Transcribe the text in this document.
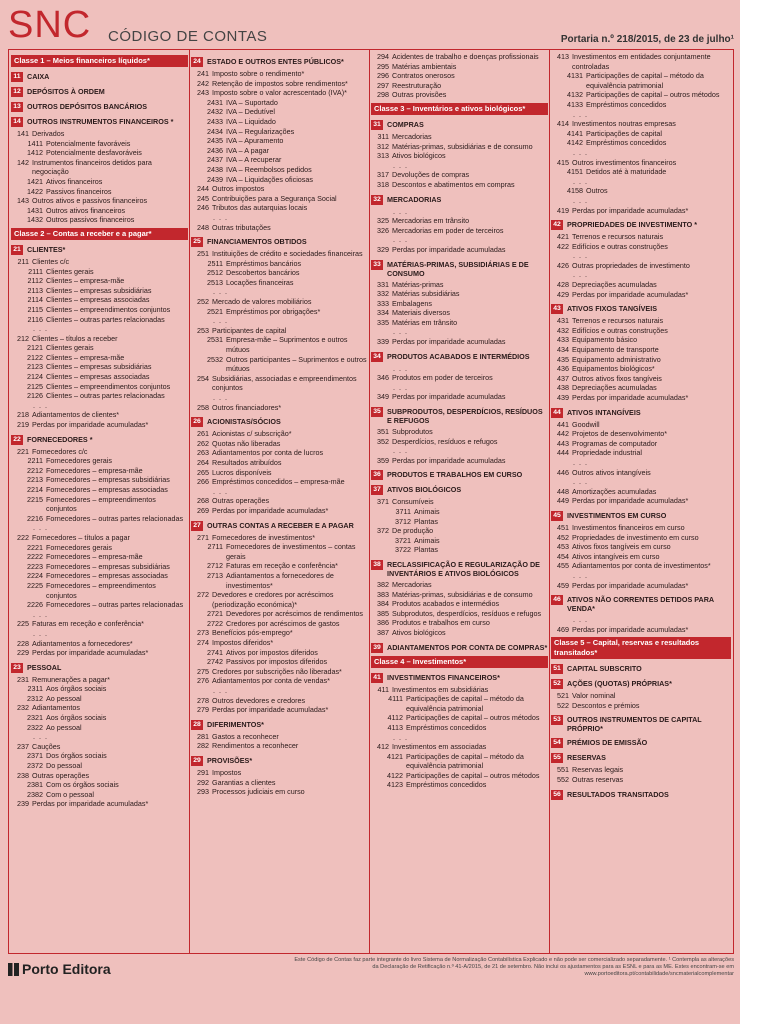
SNC CÓDIGO DE CONTAS	Portaria n.º 218/2015, de 23 de julho¹
Classe 1 – Meios financeiros líquidos*
11 CAIXA
12 DEPÓSITOS À ORDEM
13 OUTROS DEPÓSITOS BANCÁRIOS
14 OUTROS INSTRUMENTOS FINANCEIROS *
141 Derivados
1411 Potencialmente favoráveis
1412 Potencialmente desfavoráveis
142 Instrumentos financeiros detidos para negociação
1421 Ativos financeiros
1422 Passivos financeiros
143 Outros ativos e passivos financeiros
1431 Outros ativos financeiros
1432 Outros passivos financeiros
Classe 2 – Contas a receber e a pagar*
21 CLIENTES*
211 Clientes c/c
2111 Clientes gerais
2112 Clientes – empresa-mãe
2113 Clientes – empresas subsidiárias
2114 Clientes – empresas associadas
2115 Clientes – empreendimentos conjuntos
2116 Clientes – outras partes relacionadas
. . .
212 Clientes – títulos a receber
2121 Clientes gerais
2122 Clientes – empresa-mãe
2123 Clientes – empresas subsidiárias
2124 Clientes – empresas associadas
2125 Clientes – empreendimentos conjuntos
2126 Clientes – outras partes relacionadas
. . .
218 Adiantamentos de clientes*
219 Perdas por imparidade acumuladas*
22 FORNECEDORES *
221 Fornecedores c/c
2211 Fornecedores gerais
2212 Fornecedores – empresa-mãe
2213 Fornecedores – empresas subsidiárias
2214 Fornecedores – empresas associadas
2215 Fornecedores – empreendimentos conjuntos
2216 Fornecedores – outras partes relacionadas
. . .
222 Fornecedores – títulos a pagar
2221 Fornecedores gerais
2222 Fornecedores – empresa-mãe
2223 Fornecedores – empresas subsidiárias
2224 Fornecedores – empresas associadas
2225 Fornecedores – empreendimentos conjuntos
2226 Fornecedores – outras partes relacionadas
. . .
225 Faturas em receção e conferência*
. . .
228 Adiantamentos a fornecedores*
229 Perdas por imparidade acumuladas*
23 PESSOAL
231 Remunerações a pagar*
2311 Aos órgãos sociais
2312 Ao pessoal
232 Adiantamentos
2321 Aos órgãos sociais
2322 Ao pessoal
. . .
237 Cauções
2371 Dos órgãos sociais
2372 Do pessoal
238 Outras operações
2381 Com os órgãos sociais
2382 Com o pessoal
239 Perdas por imparidade acumuladas*
24 ESTADO E OUTROS ENTES PÚBLICOS*
241 Imposto sobre o rendimento*
242 Retenção de impostos sobre rendimentos*
243 Imposto sobre o valor acrescentado (IVA)*
2431 IVA – Suportado
2432 IVA – Dedutível
2433 IVA – Liquidado
2434 IVA – Regularizações
2435 IVA – Apuramento
2436 IVA – A pagar
2437 IVA – A recuperar
2438 IVA – Reembolsos pedidos
2439 IVA – Liquidações oficiosas
244 Outros impostos
245 Contribuições para a Segurança Social
246 Tributos das autarquias locais
. . .
248 Outras tributações
25 FINANCIAMENTOS OBTIDOS
251 Instituições de crédito e sociedades financeiras
2511 Empréstimos bancários
2512 Descobertos bancários
2513 Locações financeiras
. . .
252 Mercado de valores mobiliários
2521 Empréstimos por obrigações*
. . .
253 Participantes de capital
2531 Empresa-mãe – Suprimentos e outros mútuos
2532 Outros participantes – Suprimentos e outros mútuos
254 Subsidiárias, associadas e empreendimentos conjuntos
. . .
258 Outros financiadores*
26 ACIONISTAS/SÓCIOS
261 Acionistas c/ subscrição*
262 Quotas não liberadas
263 Adiantamentos por conta de lucros
264 Resultados atribuídos
265 Lucros disponíveis
266 Empréstimos concedidos – empresa-mãe
. . .
268 Outras operações
269 Perdas por imparidade acumuladas*
27 OUTRAS CONTAS A RECEBER E A PAGAR
271 Fornecedores de investimentos*
2711 Fornecedores de investimentos – contas gerais
2712 Faturas em receção e conferência*
2713 Adiantamentos a fornecedores de investimentos*
272 Devedores e credores por acréscimos (periodização económica)*
2721 Devedores por acréscimos de rendimentos
2722 Credores por acréscimos de gastos
273 Benefícios pós-emprego*
274 Impostos diferidos*
2741 Ativos por impostos diferidos
2742 Passivos por impostos diferidos
275 Credores por subscrições não liberadas*
276 Adiantamentos por conta de vendas*
. . .
278 Outros devedores e credores
279 Perdas por imparidade acumuladas*
28 DIFERIMENTOS*
281 Gastos a reconhecer
282 Rendimentos a reconhecer
29 PROVISÕES*
291 Impostos
292 Garantias a clientes
293 Processos judiciais em curso
294 Acidentes de trabalho e doenças profissionais
295 Matérias ambientais
296 Contratos onerosos
297 Reestruturação
298 Outras provisões
Classe 3 – Inventários e ativos biológicos*
31 COMPRAS
311 Mercadorias
312 Matérias-primas, subsidiárias e de consumo
313 Ativos biológicos
. . .
317 Devoluções de compras
318 Descontos e abatimentos em compras
32 MERCADORIAS
. . .
325 Mercadorias em trânsito
326 Mercadorias em poder de terceiros
. . .
329 Perdas por imparidade acumuladas
33 MATÉRIAS-PRIMAS, SUBSIDIÁRIAS E DE CONSUMO
331 Matérias-primas
332 Matérias subsidiárias
333 Embalagens
334 Materiais diversos
335 Matérias em trânsito
. . .
339 Perdas por imparidade acumuladas
34 PRODUTOS ACABADOS E INTERMÉDIOS
. . .
346 Produtos em poder de terceiros
. . .
349 Perdas por imparidade acumuladas
35 SUBPRODUTOS, DESPERDÍCIOS, RESÍDUOS E REFUGOS
351 Subprodutos
352 Desperdícios, resíduos e refugos
. . .
359 Perdas por imparidade acumuladas
36 PRODUTOS E TRABALHOS EM CURSO
37 ATIVOS BIOLÓGICOS
371 Consumíveis
3711 Animais
3712 Plantas
372 De produção
3721 Animais
3722 Plantas
38 RECLASSIFICAÇÃO E REGULARIZAÇÃO DE INVENTÁRIOS E ATIVOS BIOLÓGICOS
382 Mercadorias
383 Matérias-primas, subsidiárias e de consumo
384 Produtos acabados e intermédios
385 Subprodutos, desperdícios, resíduos e refugos
386 Produtos e trabalhos em curso
387 Ativos biológicos
39 ADIANTAMENTOS POR CONTA DE COMPRAS*
Classe 4 – Investimentos*
41 INVESTIMENTOS FINANCEIROS*
411 Investimentos em subsidiárias
4111 Participações de capital – método da equivalência patrimonial
4112 Participações de capital – outros métodos
4113 Empréstimos concedidos
. . .
412 Investimentos em associadas
4121 Participações de capital – método da equivalência patrimonial
4122 Participações de capital – outros métodos
4123 Empréstimos concedidos
413 Investimentos em entidades conjuntamente controladas
4131 Participações de capital – método da equivalência patrimonial
4132 Participações de capital – outros métodos
4133 Empréstimos concedidos
. . .
414 Investimentos noutras empresas
4141 Participações de capital
4142 Empréstimos concedidos
. . .
415 Outros investimentos financeiros
4151 Detidos até à maturidade
. . .
4158 Outros
. . .
419 Perdas por imparidade acumuladas*
42 PROPRIEDADES DE INVESTIMENTO *
421 Terrenos e recursos naturais
422 Edifícios e outras construções
. . .
426 Outras propriedades de investimento
. . .
428 Depreciações acumuladas
429 Perdas por imparidade acumuladas*
43 ATIVOS FIXOS TANGÍVEIS
431 Terrenos e recursos naturais
432 Edifícios e outras construções
433 Equipamento básico
434 Equipamento de transporte
435 Equipamento administrativo
436 Equipamentos biológicos*
437 Outros ativos fixos tangíveis
438 Depreciações acumuladas
439 Perdas por imparidade acumuladas*
44 ATIVOS INTANGÍVEIS
441 Goodwill
442 Projetos de desenvolvimento*
443 Programas de computador
444 Propriedade industrial
. . .
446 Outros ativos intangíveis
. . .
448 Amortizações acumuladas
449 Perdas por imparidade acumuladas*
45 INVESTIMENTOS EM CURSO
451 Investimentos financeiros em curso
452 Propriedades de investimento em curso
453 Ativos fixos tangíveis em curso
454 Ativos intangíveis em curso
455 Adiantamentos por conta de investimentos*
. . .
459 Perdas por imparidade acumuladas*
46 ATIVOS NÃO CORRENTES DETIDOS PARA VENDA*
. . .
469 Perdas por imparidade acumuladas*
Classe 5 – Capital, reservas e resultados transitados*
51 CAPITAL SUBSCRITO
52 AÇÕES (QUOTAS) PRÓPRIAS*
521 Valor nominal
522 Descontos e prémios
53 OUTROS INSTRUMENTOS DE CAPITAL PRÓPRIO*
54 PRÉMIOS DE EMISSÃO
55 RESERVAS
551 Reservas legais
552 Outras reservas
56 RESULTADOS TRANSITADOS
Porto Editora
Este Código de Contas faz parte integrante do livro Sistema de Normalização Contabilística Explicado e não pode ser comercializado separadamente. ¹ Contempla as alterações da Declaração de Retificação n.º 41-A/2015, de 21 de setembro. Não inclui os ajustamentos para as ESNL e para as ME. Estes encontram-se em www.portoeditora.pt/contabilidade/sncmaterialcomplementar
